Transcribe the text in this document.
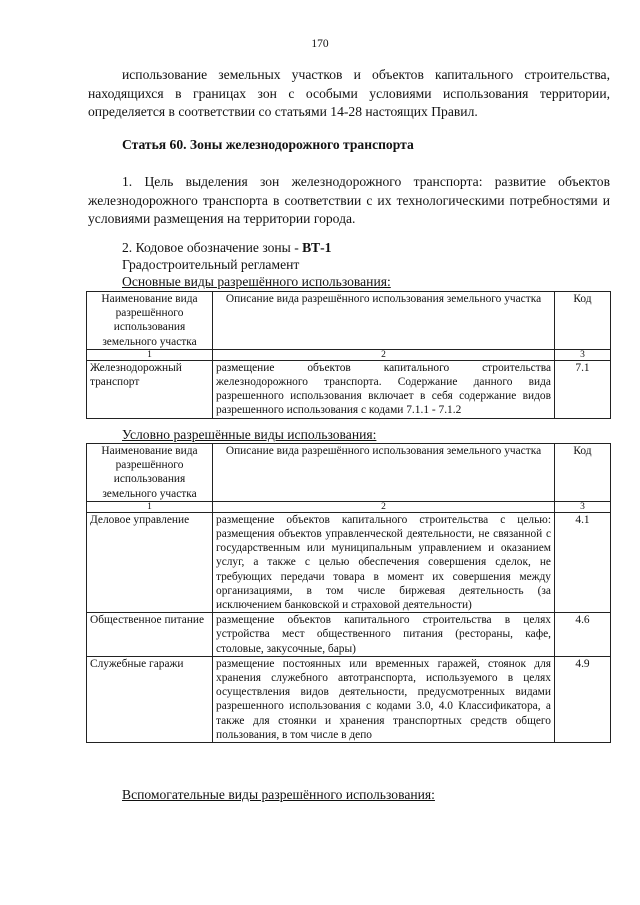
170
использование земельных участков и объектов капитального строительства, находящихся в границах зон с особыми условиями использования территории, определяется в соответствии со статьями 14-28 настоящих Правил.
Статья 60. Зоны железнодорожного транспорта
1. Цель выделения зон железнодорожного транспорта: развитие объектов железнодорожного транспорта в соответствии с их технологическими потребностями и условиями размещения на территории города.
2. Кодовое обозначение зоны - ВТ-1
Градостроительный регламент
Основные виды разрешённого использования:
Наименование вида разрешённого использования земельного участка	Описание вида разрешённого использования земельного участка	Код
1	2	3
Железнодорожный транспорт	размещение объектов капитального строительства железнодорожного транспорта. Содержание данного вида разрешенного использования включает в себя содержание видов разрешенного использования с кодами 7.1.1 - 7.1.2	7.1
Условно разрешённые виды использования:
Наименование вида разрешённого использования земельного участка	Описание вида разрешённого использования земельного участка	Код
1	2	3
Деловое управление	размещение объектов капитального строительства с целью: размещения объектов управленческой деятельности, не связанной с государственным или муниципальным управлением и оказанием услуг, а также с целью обеспечения совершения сделок, не требующих передачи товара в момент их совершения между организациями, в том числе биржевая деятельность (за исключением банковской и страховой деятельности)	4.1
Общественное питание	размещение объектов капитального строительства в целях устройства мест общественного питания (рестораны, кафе, столовые, закусочные, бары)	4.6
Служебные гаражи	размещение постоянных или временных гаражей, стоянок для хранения служебного автотранспорта, используемого в целях осуществления видов деятельности, предусмотренных видами разрешенного использования с кодами 3.0, 4.0 Классификатора, а также для стоянки и хранения транспортных средств общего пользования, в том числе в депо	4.9
Вспомогательные виды разрешённого использования:
